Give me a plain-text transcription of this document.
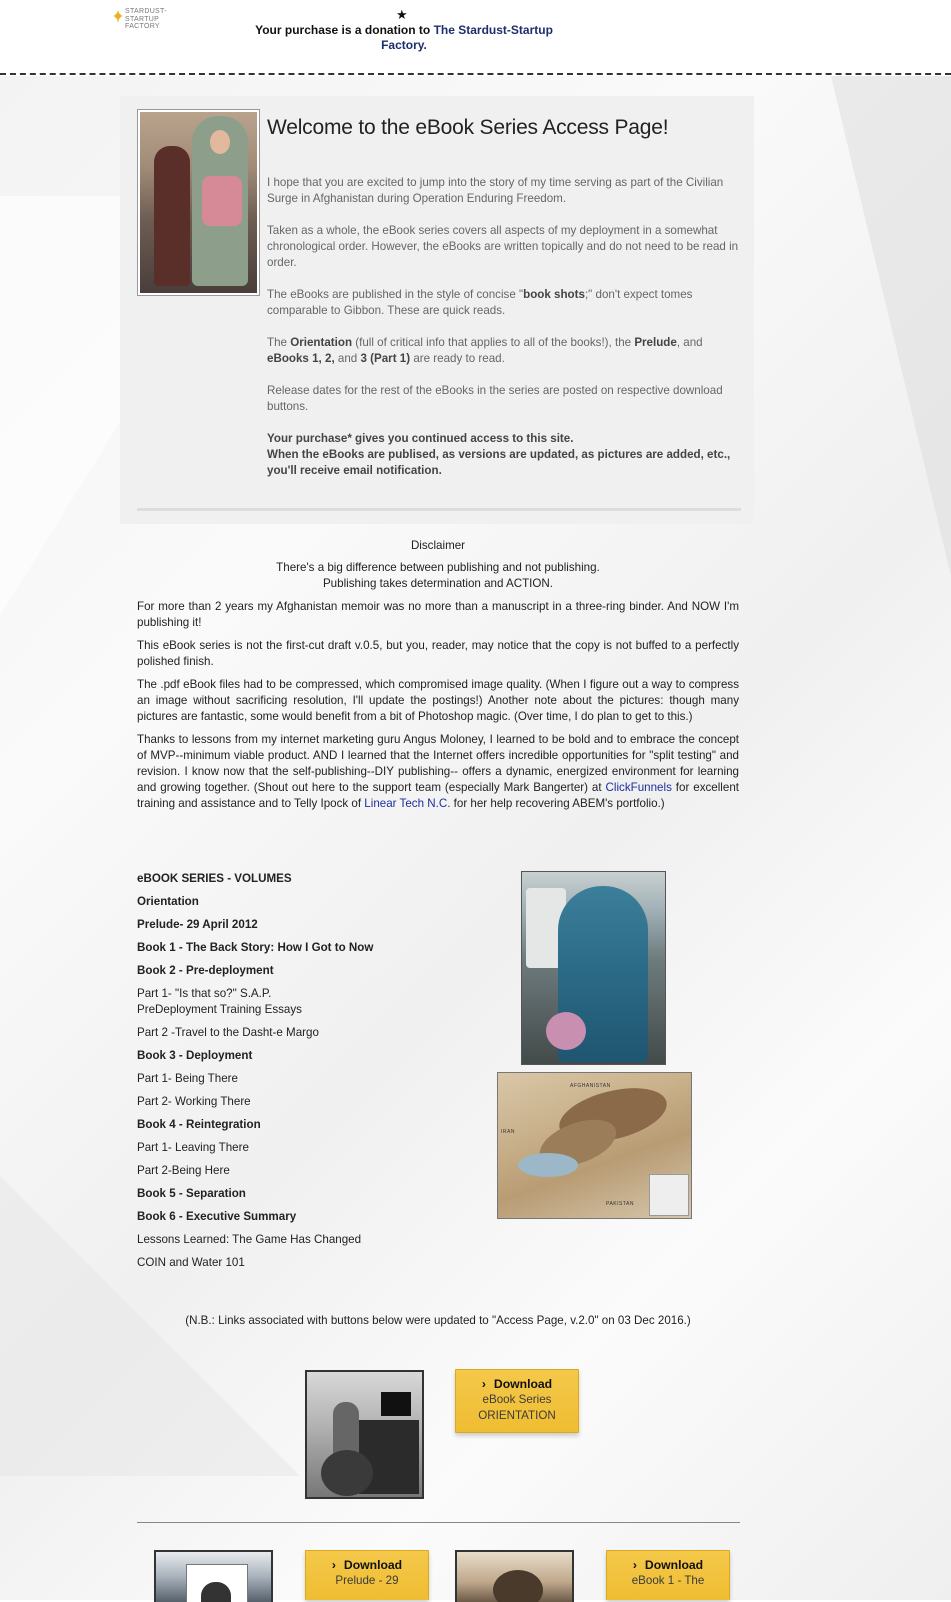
STARDUST-
STARTUP
FACTORY
★
Your purchase is a donation to The Stardust-Startup Factory.
Welcome to the eBook Series Access Page!

I hope that you are excited to jump into the story of my time serving as part of the Civilian Surge in Afghanistan during Operation Enduring Freedom.

Taken as a whole, the eBook series covers all aspects of my deployment in a somewhat chronological order. However, the eBooks are written topically and do not need to be read in order.

The eBooks are published in the style of concise "book shots;" don't expect tomes comparable to Gibbon. These are quick reads.

The Orientation (full of critical info that applies to all of the books!), the Prelude, and eBooks 1, 2, and 3 (Part 1) are ready to read.

Release dates for the rest of the eBooks in the series are posted on respective download buttons.

Your purchase* gives you continued access to this site.
When the eBooks are publised, as versions are updated, as pictures are added, etc., you'll receive email notification.

Disclaimer
There's a big difference between publishing and not publishing.
Publishing takes determination and ACTION.

For more than 2 years my Afghanistan memoir was no more than a manuscript in a three-ring binder. And NOW I'm publishing it!

This eBook series is not the first-cut draft v.0.5, but you, reader, may notice that the copy is not buffed to a perfectly polished finish.

The .pdf eBook files had to be compressed, which compromised image quality. (When I figure out a way to compress an image without sacrificing resolution, I'll update the postings!) Another note about the pictures: though many pictures are fantastic, some would benefit from a bit of Photoshop magic. (Over time, I do plan to get to this.)

Thanks to lessons from my internet marketing guru Angus Moloney, I learned to be bold and to embrace the concept of MVP--minimum viable product. AND I learned that the Internet offers incredible opportunities for "split testing" and revision. I know now that the self-publishing--DIY publishing-- offers a dynamic, energized environment for learning and growing together. (Shout out here to the support team (especially Mark Bangerter) at ClickFunnels for excellent training and assistance and to Telly Ipock of Linear Tech N.C. for her help recovering ABEM's portfolio.)

eBOOK SERIES - VOLUMES
Orientation
Prelude- 29 April 2012
Book 1 - The Back Story: How I Got to Now
Book 2 - Pre-deployment
Part 1- "Is that so?" S.A.P.
PreDeployment Training Essays
Part 2 -Travel to the Dasht-e Margo
Book 3 - Deployment
Part 1- Being There
Part 2- Working There
Book 4 - Reintegration
Part 1- Leaving There
Part 2-Being Here
Book 5 - Separation
Book 6 - Executive Summary
Lessons Learned: The Game Has Changed
COIN and Water 101
AFGHANISTAN
IRAN
PAKISTAN
(N.B.: Links associated with buttons below were updated to "Access Page, v.2.0" on 03 Dec 2016.)
› Download
eBook Series
ORIENTATION
› Download
Prelude - 29
› Download
eBook 1 - The
